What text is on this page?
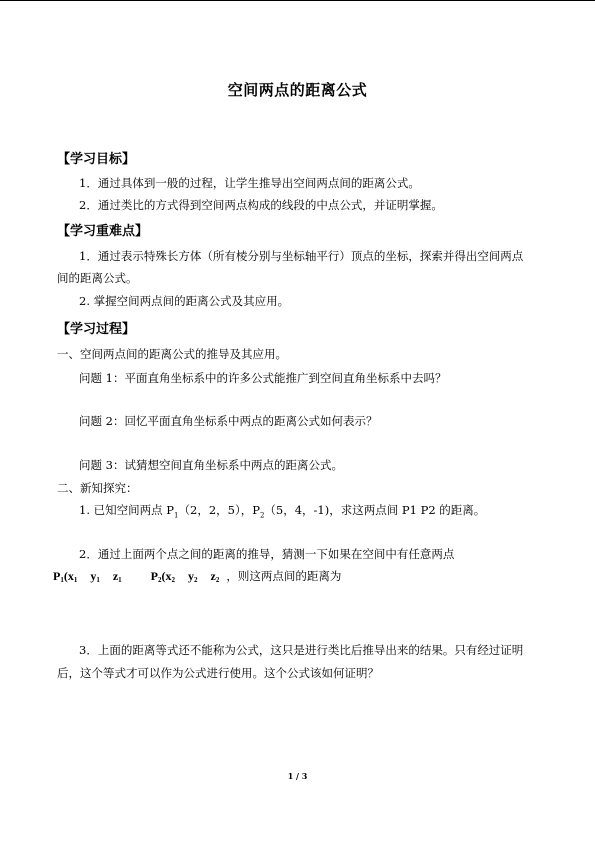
空间两点的距离公式
【学习目标】
1．通过具体到一般的过程，让学生推导出空间两点间的距离公式。
2．通过类比的方式得到空间两点构成的线段的中点公式，并证明掌握。
【学习重难点】
1．通过表示特殊长方体（所有棱分别与坐标轴平行）顶点的坐标，探索并得出空间两点
间的距离公式。
2. 掌握空间两点间的距离公式及其应用。
【学习过程】
一、空间两点间的距离公式的推导及其应用。
问题 1：平面直角坐标系中的许多公式能推广到空间直角坐标系中去吗？
问题 2：回忆平面直角坐标系中两点的距离公式如何表示？
问题 3：试猜想空间直角坐标系中两点的距离公式。
二、新知探究：
1. 已知空间两点 $P_1(2$，2，5），$P_2(5$，4，-1)，求这两点间 P1 P2 的距离。
2．通过上面两个点之间的距离的推导，猜测一下如果在空间中有任意两点
$P_1(x_1$ $y_1$ $z_1$ $P_2(x_2$ $y_2$ $z_2$ ，则这两点间的距离为
3．上面的距离等式还不能称为公式，这只是进行类比后推导出来的结果。只有经过证明
后，这个等式才可以作为公式进行使用。这个公式该如何证明？
1 / 3
